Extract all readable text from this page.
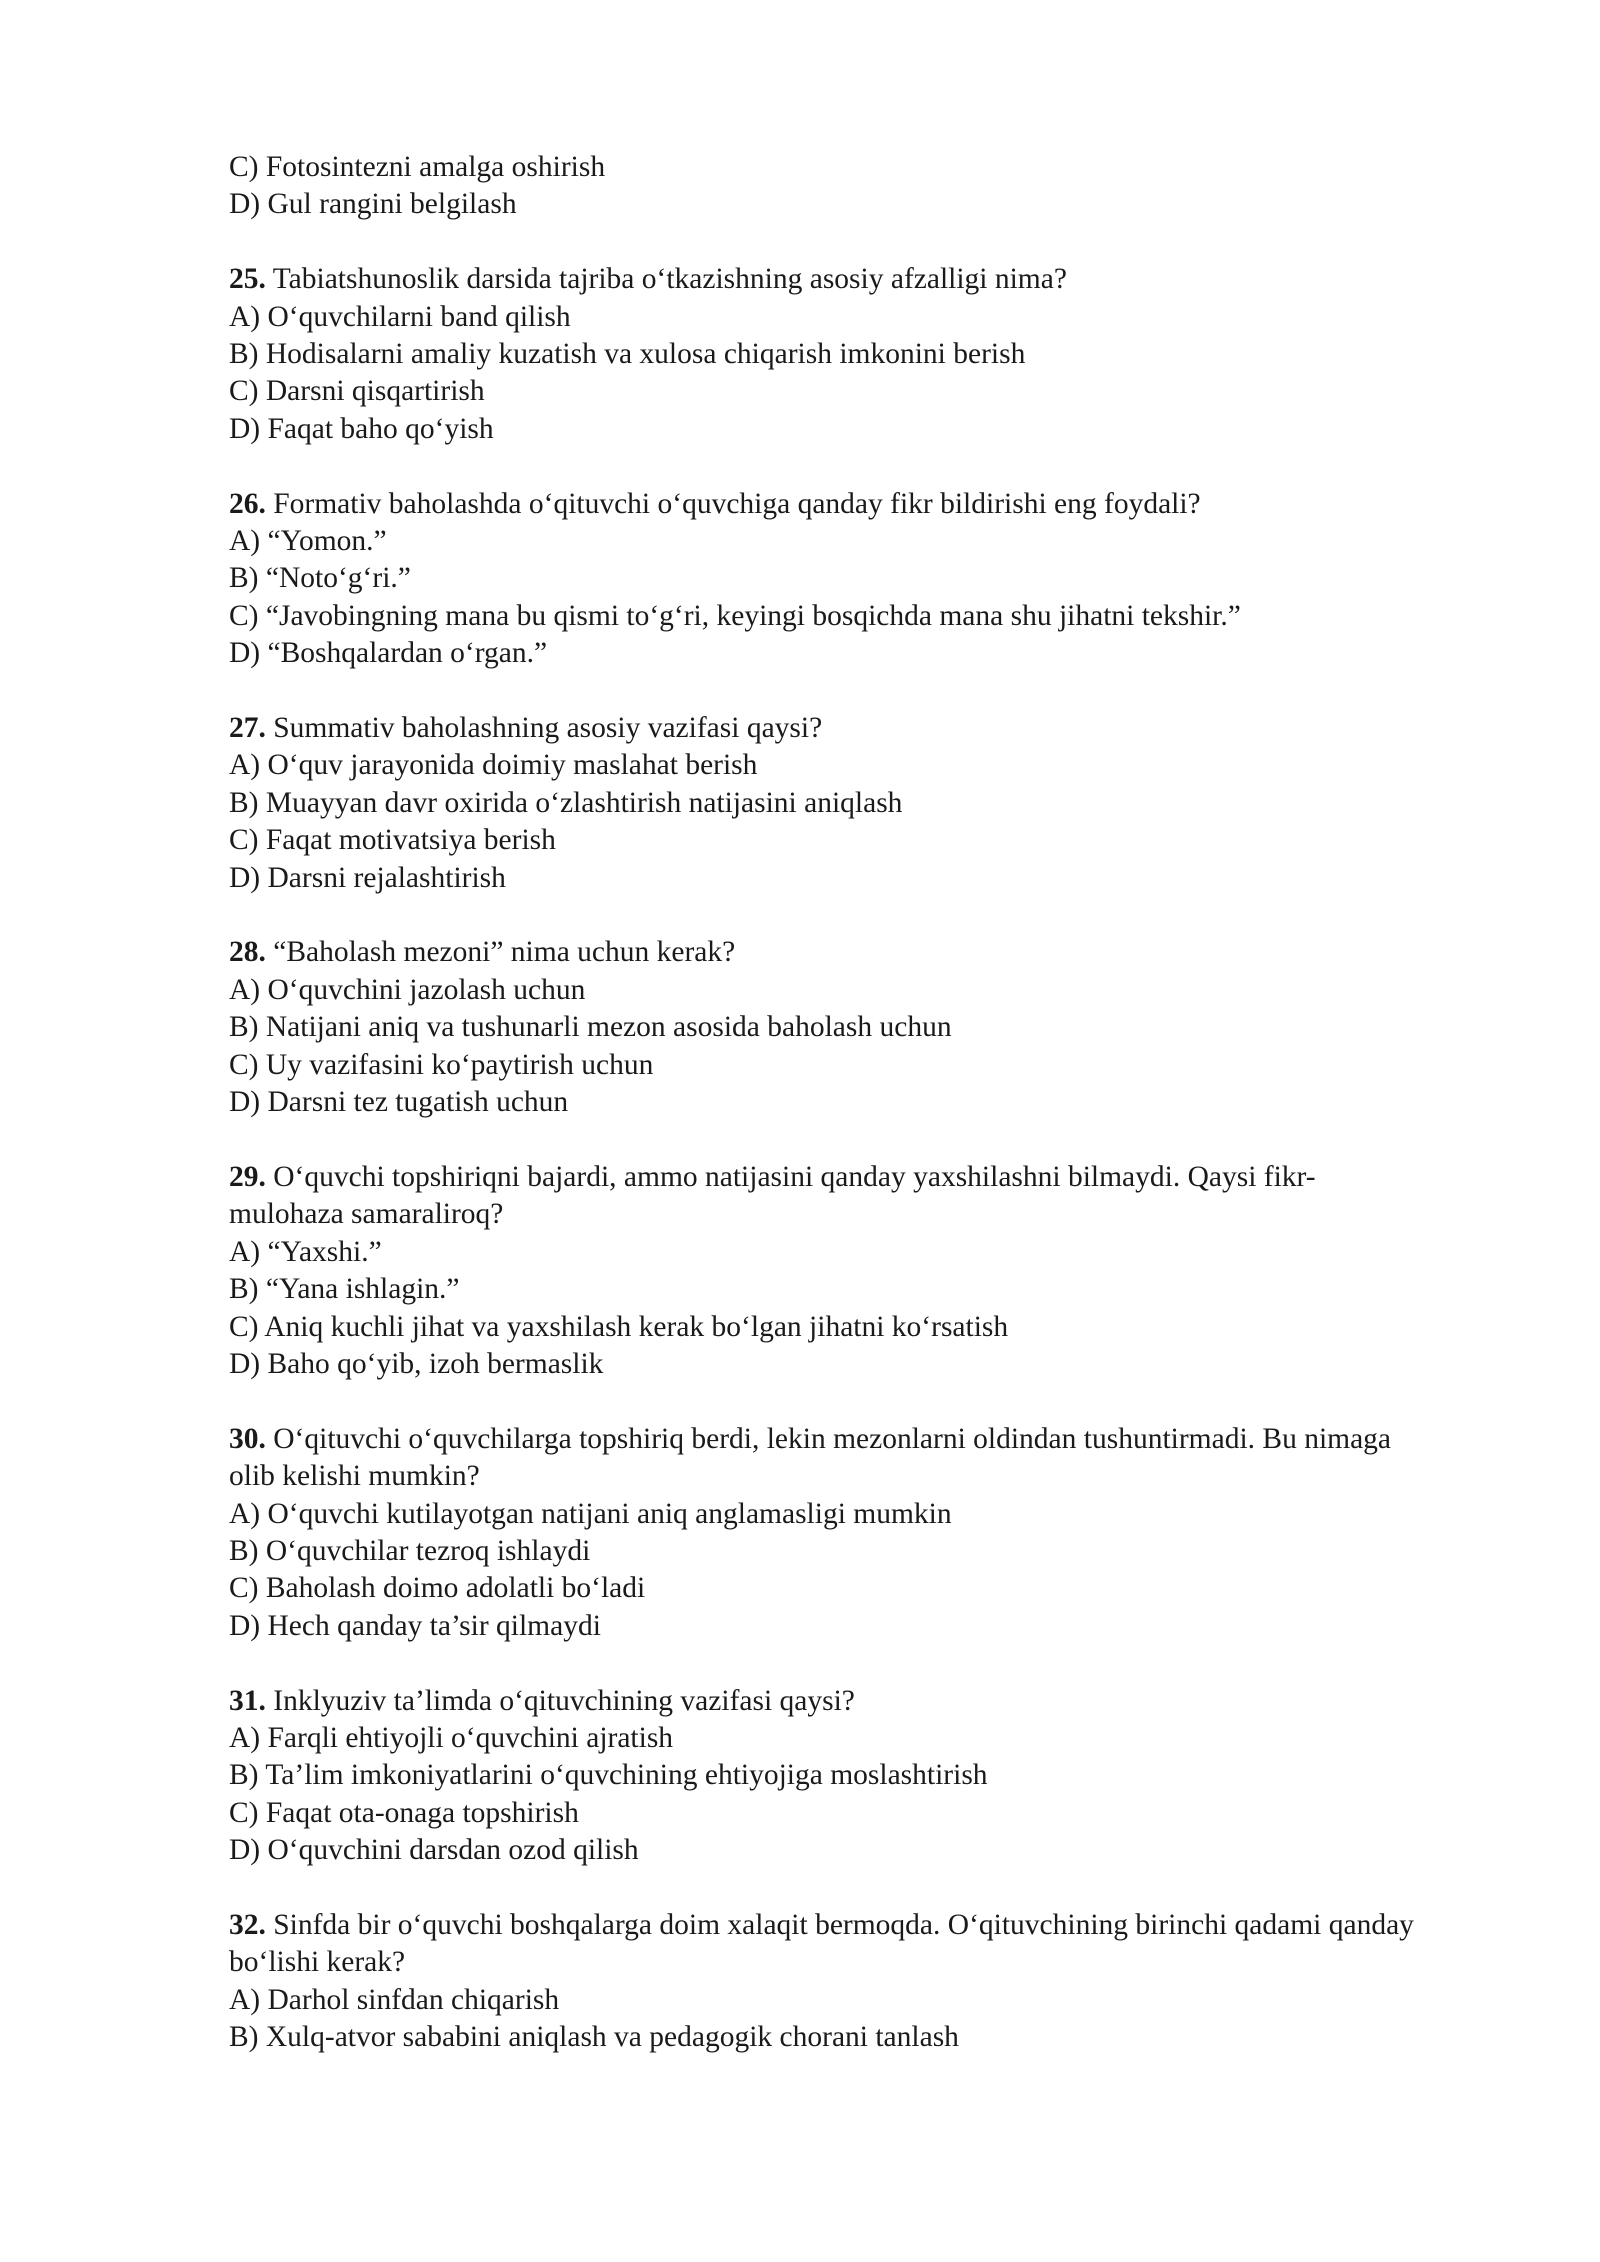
C) Fotosintezni amalga oshirish
D) Gul rangini belgilash
25. Tabiatshunoslik darsida tajriba o‘tkazishning asosiy afzalligi nima?
A) O‘quvchilarni band qilish
B) Hodisalarni amaliy kuzatish va xulosa chiqarish imkonini berish
C) Darsni qisqartirish
D) Faqat baho qo‘yish
26. Formativ baholashda o‘qituvchi o‘quvchiga qanday fikr bildirishi eng foydali?
A) “Yomon.”
B) “Noto‘g‘ri.”
C) “Javobingning mana bu qismi to‘g‘ri, keyingi bosqichda mana shu jihatni tekshir.”
D) “Boshqalardan o‘rgan.”
27. Summativ baholashning asosiy vazifasi qaysi?
A) O‘quv jarayonida doimiy maslahat berish
B) Muayyan davr oxirida o‘zlashtirish natijasini aniqlash
C) Faqat motivatsiya berish
D) Darsni rejalashtirish
28. “Baholash mezoni” nima uchun kerak?
A) O‘quvchini jazolash uchun
B) Natijani aniq va tushunarli mezon asosida baholash uchun
C) Uy vazifasini ko‘paytirish uchun
D) Darsni tez tugatish uchun
29. O‘quvchi topshiriqni bajardi, ammo natijasini qanday yaxshilashni bilmaydi. Qaysi fikr-mulohaza samaraliroq?
A) “Yaxshi.”
B) “Yana ishlagin.”
C) Aniq kuchli jihat va yaxshilash kerak bo‘lgan jihatni ko‘rsatish
D) Baho qo‘yib, izoh bermaslik
30. O‘qituvchi o‘quvchilarga topshiriq berdi, lekin mezonlarni oldindan tushuntirmadi. Bu nimaga olib kelishi mumkin?
A) O‘quvchi kutilayotgan natijani aniq anglamasligi mumkin
B) O‘quvchilar tezroq ishlaydi
C) Baholash doimo adolatli bo‘ladi
D) Hech qanday ta’sir qilmaydi
31. Inklyuziv ta’limda o‘qituvchining vazifasi qaysi?
A) Farqli ehtiyojli o‘quvchini ajratish
B) Ta’lim imkoniyatlarini o‘quvchining ehtiyojiga moslashtirish
C) Faqat ota-onaga topshirish
D) O‘quvchini darsdan ozod qilish
32. Sinfda bir o‘quvchi boshqalarga doim xalaqit bermoqda. O‘qituvchining birinchi qadami qanday bo‘lishi kerak?
A) Darhol sinfdan chiqarish
B) Xulq-atvor sababini aniqlash va pedagogik chorani tanlash
